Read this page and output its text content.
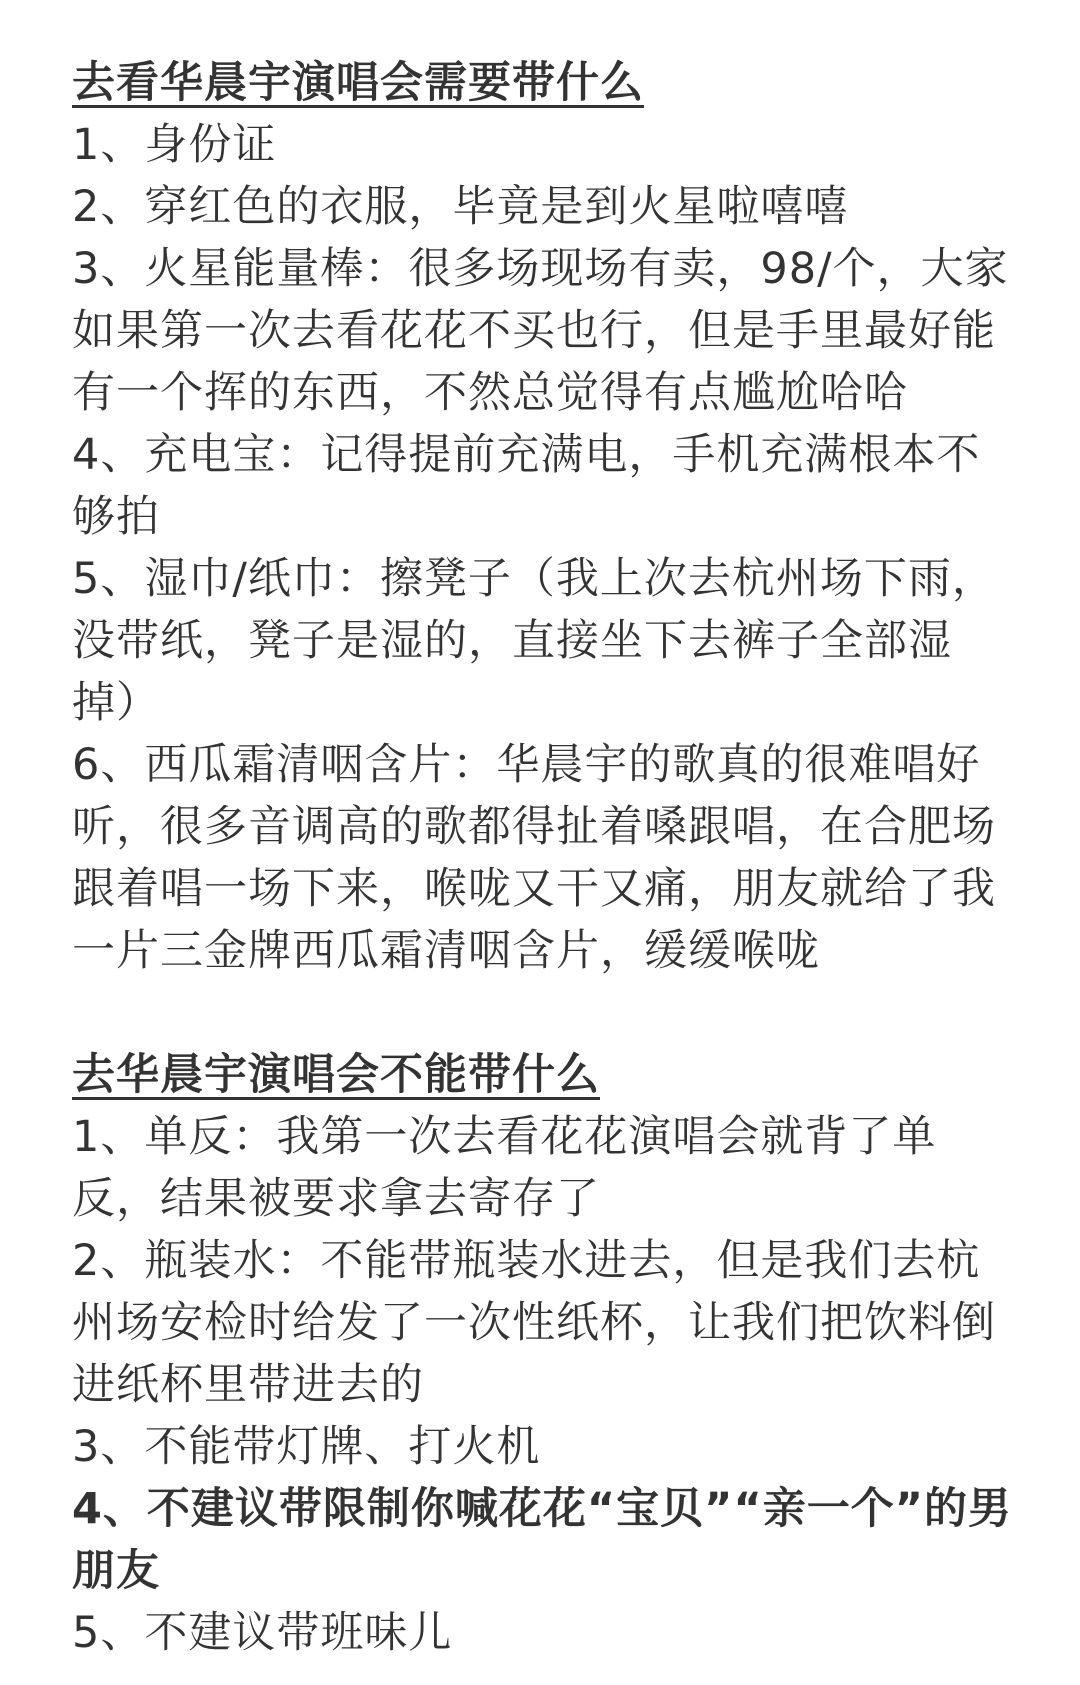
去看华晨宇演唱会需要带什么
1、身份证
2、穿红色的衣服，毕竟是到火星啦嘻嘻
3、火星能量棒：很多场现场有卖，98/个，大家如果第一次去看花花不买也行，但是手里最好能有一个挥的东西，不然总觉得有点尴尬哈哈
4、充电宝：记得提前充满电，手机充满根本不够拍
5、湿巾/纸巾：擦凳子（我上次去杭州场下雨，没带纸，凳子是湿的，直接坐下去裤子全部湿掉）
6、西瓜霜清咽含片：华晨宇的歌真的很难唱好听，很多音调高的歌都得扯着嗓跟唱，在合肥场跟着唱一场下来，喉咙又干又痛，朋友就给了我一片三金牌西瓜霜清咽含片，缓缓喉咙
去华晨宇演唱会不能带什么
1、单反：我第一次去看花花演唱会就背了单反，结果被要求拿去寄存了
2、瓶装水：不能带瓶装水进去，但是我们去杭州场安检时给发了一次性纸杯，让我们把饮料倒进纸杯里带进去的
3、不能带灯牌、打火机
4、不建议带限制你喊花花“宝贝”“亲一个”的男朋友
5、不建议带班味儿
